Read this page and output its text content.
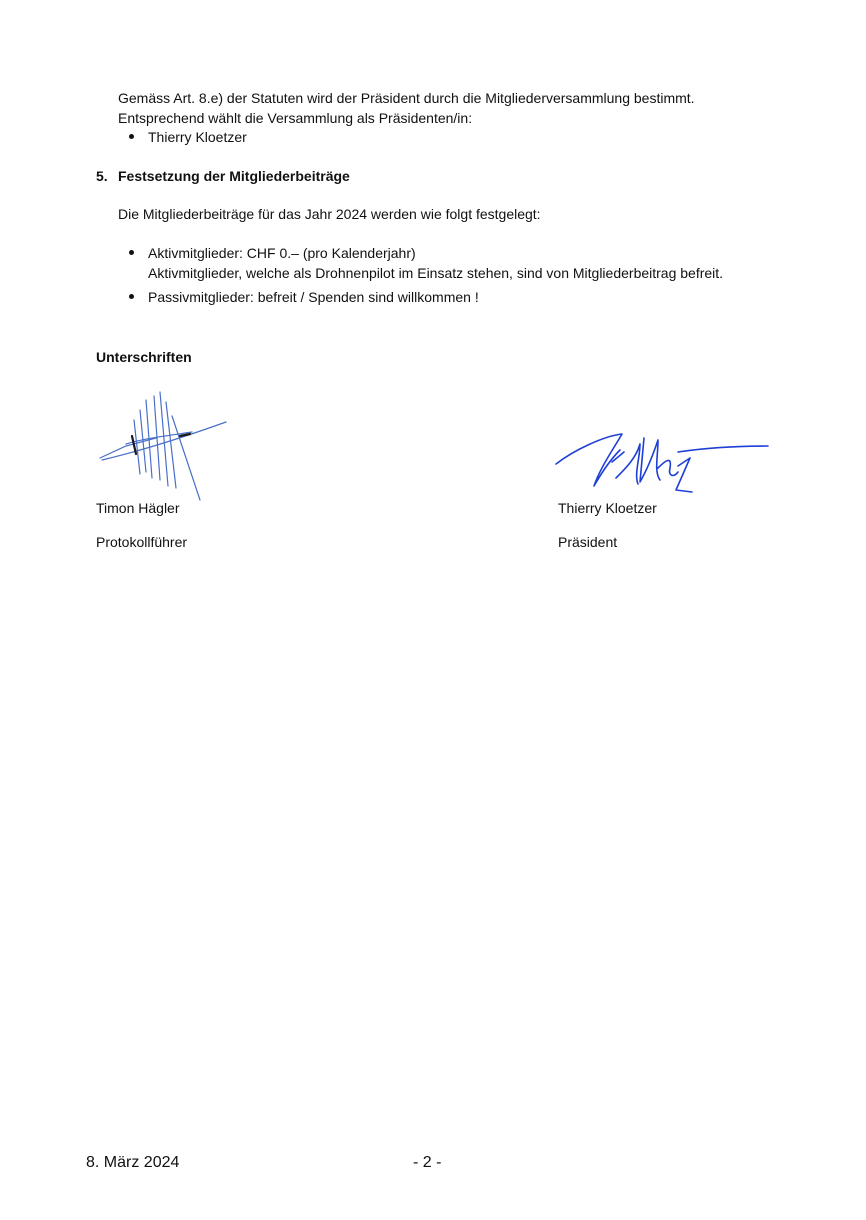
Gemäss Art. 8.e) der Statuten wird der Präsident durch die Mitgliederversammlung bestimmt.
Entsprechend wählt die Versammlung als Präsidenten/in:
Thierry Kloetzer
5. Festsetzung der Mitgliederbeiträge
Die Mitgliederbeiträge für das Jahr 2024 werden wie folgt festgelegt:
Aktivmitglieder: CHF 0.– (pro Kalenderjahr)
Aktivmitglieder, welche als Drohnenpilot im Einsatz stehen, sind von Mitgliederbeitrag befreit.
Passivmitglieder: befreit / Spenden sind willkommen !
Unterschriften
Timon Hägler
Protokollführer
Thierry Kloetzer
Präsident
8. März 2024	- 2 -
